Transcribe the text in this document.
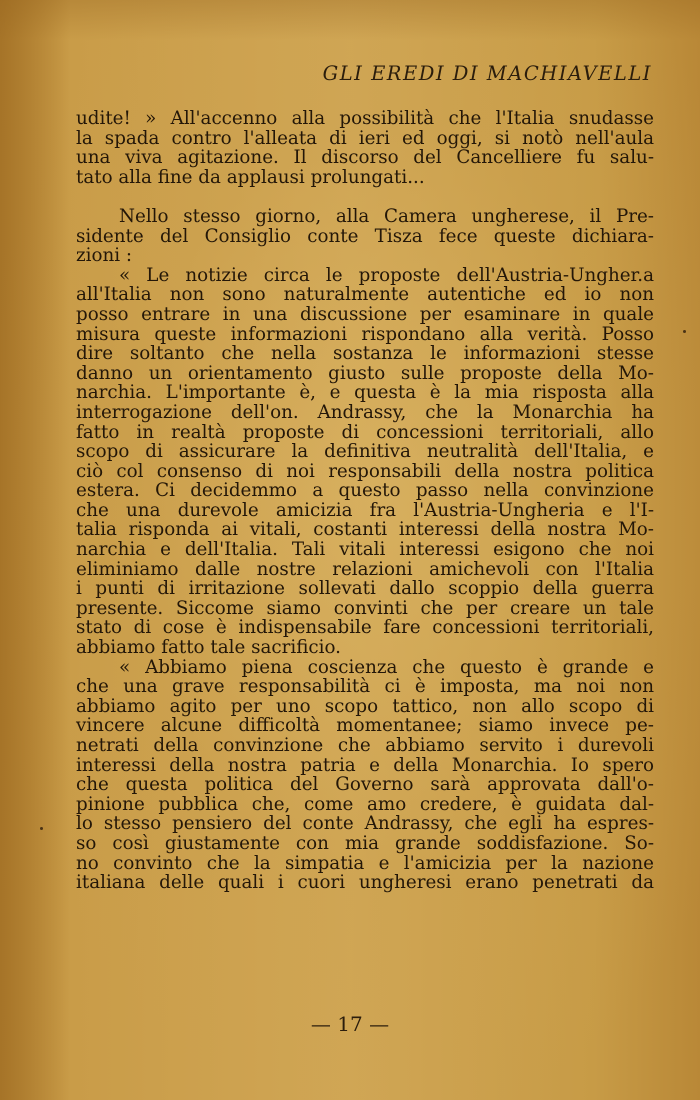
GLI EREDI DI MACHIAVELLI

udite! » All'accenno alla possibilità che l'Italia snudasse

la spada contro l'alleata di ieri ed oggi, si notò nell'aula

una viva agitazione. Il discorso del Cancelliere fu salu-

tato alla fine da applausi prolungati...

Nello stesso giorno, alla Camera ungherese, il Pre-

sidente del Consiglio conte Tisza fece queste dichiara-

zioni :

« Le notizie circa le proposte dell'Austria-Unghеr.a

all'Italia non sono naturalmente autentiche ed io non

posso entrare in una discussione per esaminare in quale

misura queste informazioni rispondano alla verità. Posso

dire soltanto che nella sostanza le informazioni stesse

danno un orientamento giusto sulle proposte della Mo-

narchia. L'importante è, e questa è la mia risposta alla

interrogazione dell'on. Andrassy, che la Monarchia ha

fatto in realtà proposte di concessioni territoriali, allo

scopo di assicurare la definitiva neutralità dell'Italia, e

ciò col consenso di noi responsabili della nostra politica

estera. Ci decidemmo a questo passo nella convinzione

che una durevole amicizia fra l'Austria-Ungheria e l'I-

talia risponda ai vitali, costanti interessi della nostra Mo-

narchia e dell'Italia. Tali vitali interessi esigono che noi

eliminiamo dalle nostre relazioni amichevoli con l'Italia

i punti di irritazione sollevati dallo scoppio della guerra

presente. Siccome siamo convinti che per creare un tale

stato di cose è indispensabile fare concessioni territoriali,

abbiamo fatto tale sacrificio.

« Abbiamo piena coscienza che questo è grande e

che una grave responsabilità ci è imposta, ma noi non

abbiamo agito per uno scopo tattico, non allo scopo di

vincere alcune difficoltà momentanee; siamo invece pe-

netrati della convinzione che abbiamo servito i durevoli

interessi della nostra patria e della Monarchia. Io spero

che questa politica del Governo sarà approvata dall'o-

pinione pubblica che, come amo credere, è guidata dal-

lo stesso pensiero del conte Andrassy, che egli ha espres-

so così giustamente con mia grande soddisfazione. So-

no convinto che la simpatia e l'amicizia per la nazione

italiana delle quali i cuori ungheresi erano penetrati da

— 17 —
